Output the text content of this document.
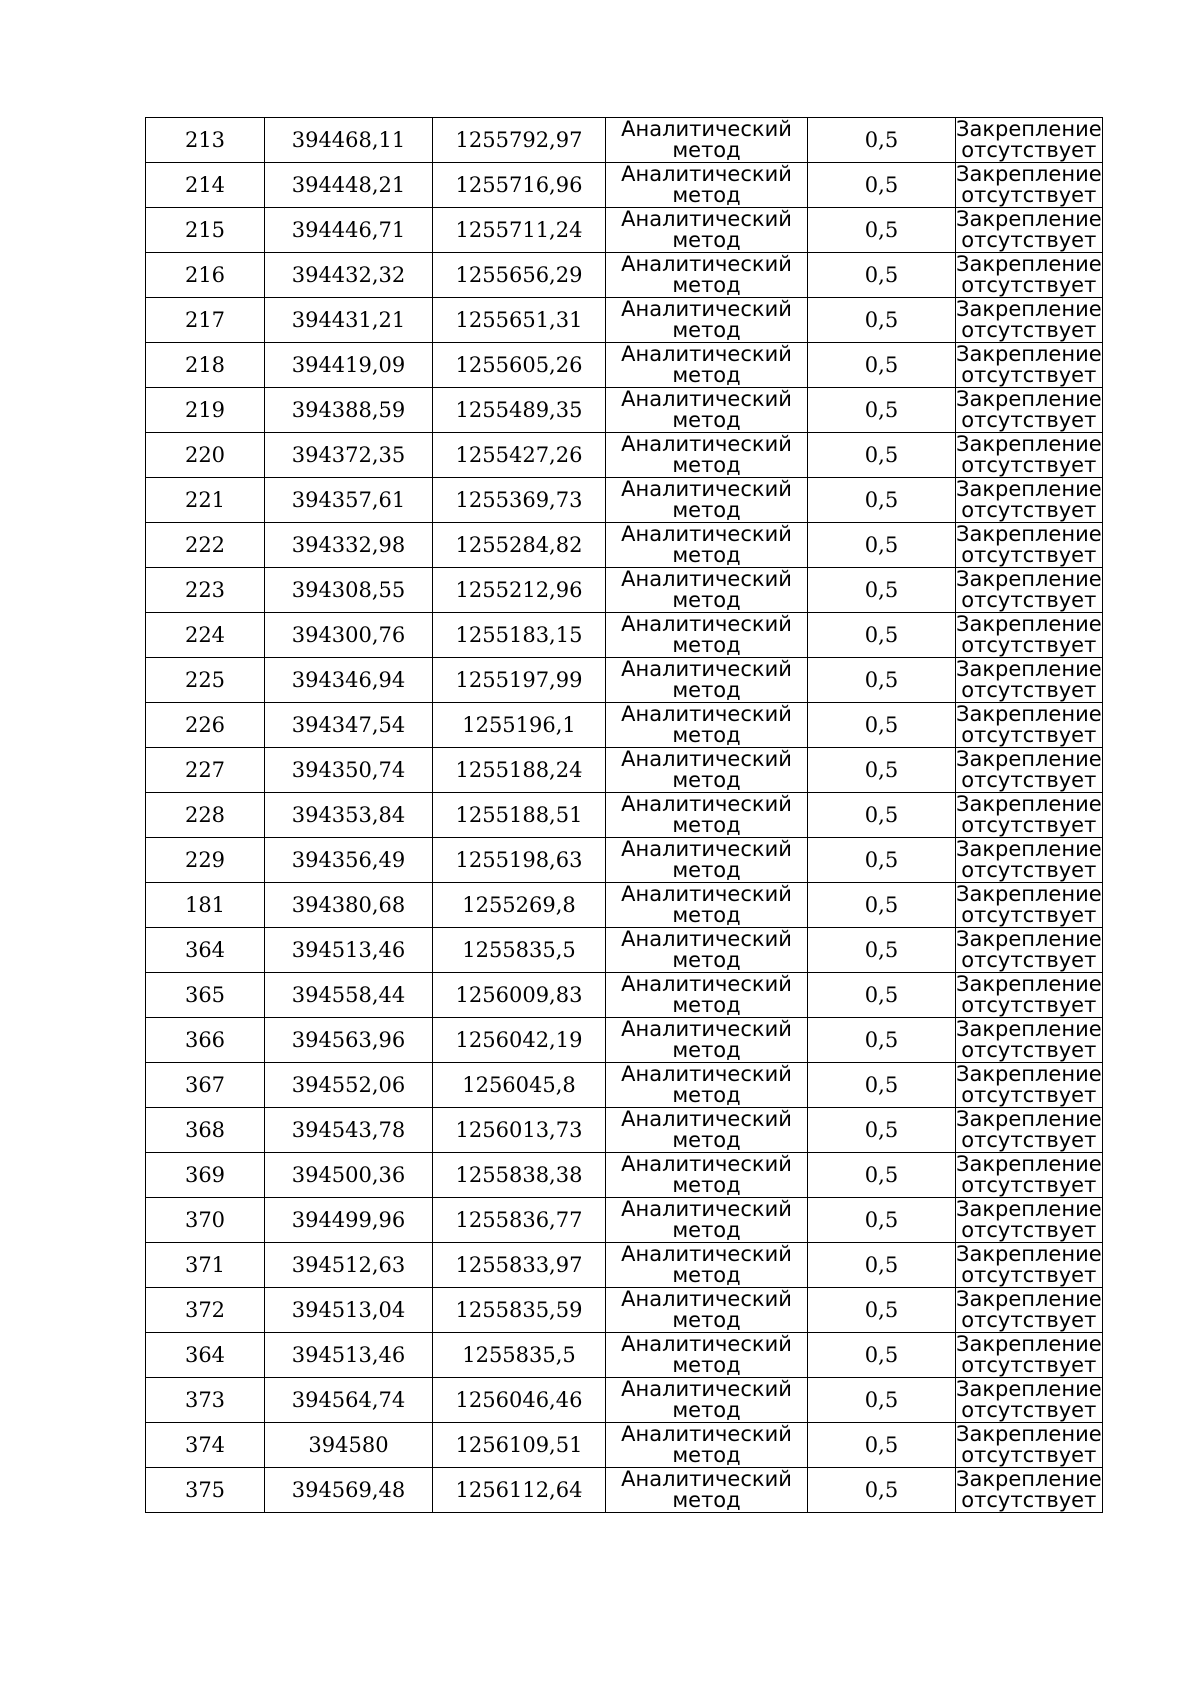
213	394468,11	1255792,97	Аналитический
метод	0,5	Закрепление
отсутствует

214	394448,21	1255716,96	Аналитический
метод	0,5	Закрепление
отсутствует

215	394446,71	1255711,24	Аналитический
метод	0,5	Закрепление
отсутствует

216	394432,32	1255656,29	Аналитический
метод	0,5	Закрепление
отсутствует

217	394431,21	1255651,31	Аналитический
метод	0,5	Закрепление
отсутствует

218	394419,09	1255605,26	Аналитический
метод	0,5	Закрепление
отсутствует

219	394388,59	1255489,35	Аналитический
метод	0,5	Закрепление
отсутствует

220	394372,35	1255427,26	Аналитический
метод	0,5	Закрепление
отсутствует

221	394357,61	1255369,73	Аналитический
метод	0,5	Закрепление
отсутствует

222	394332,98	1255284,82	Аналитический
метод	0,5	Закрепление
отсутствует

223	394308,55	1255212,96	Аналитический
метод	0,5	Закрепление
отсутствует

224	394300,76	1255183,15	Аналитический
метод	0,5	Закрепление
отсутствует

225	394346,94	1255197,99	Аналитический
метод	0,5	Закрепление
отсутствует

226	394347,54	1255196,1	Аналитический
метод	0,5	Закрепление
отсутствует

227	394350,74	1255188,24	Аналитический
метод	0,5	Закрепление
отсутствует

228	394353,84	1255188,51	Аналитический
метод	0,5	Закрепление
отсутствует

229	394356,49	1255198,63	Аналитический
метод	0,5	Закрепление
отсутствует

181	394380,68	1255269,8	Аналитический
метод	0,5	Закрепление
отсутствует

364	394513,46	1255835,5	Аналитический
метод	0,5	Закрепление
отсутствует

365	394558,44	1256009,83	Аналитический
метод	0,5	Закрепление
отсутствует

366	394563,96	1256042,19	Аналитический
метод	0,5	Закрепление
отсутствует

367	394552,06	1256045,8	Аналитический
метод	0,5	Закрепление
отсутствует

368	394543,78	1256013,73	Аналитический
метод	0,5	Закрепление
отсутствует

369	394500,36	1255838,38	Аналитический
метод	0,5	Закрепление
отсутствует

370	394499,96	1255836,77	Аналитический
метод	0,5	Закрепление
отсутствует

371	394512,63	1255833,97	Аналитический
метод	0,5	Закрепление
отсутствует

372	394513,04	1255835,59	Аналитический
метод	0,5	Закрепление
отсутствует

364	394513,46	1255835,5	Аналитический
метод	0,5	Закрепление
отсутствует

373	394564,74	1256046,46	Аналитический
метод	0,5	Закрепление
отсутствует

374	394580	1256109,51	Аналитический
метод	0,5	Закрепление
отсутствует

375	394569,48	1256112,64	Аналитический
метод	0,5	Закрепление
отсутствует
